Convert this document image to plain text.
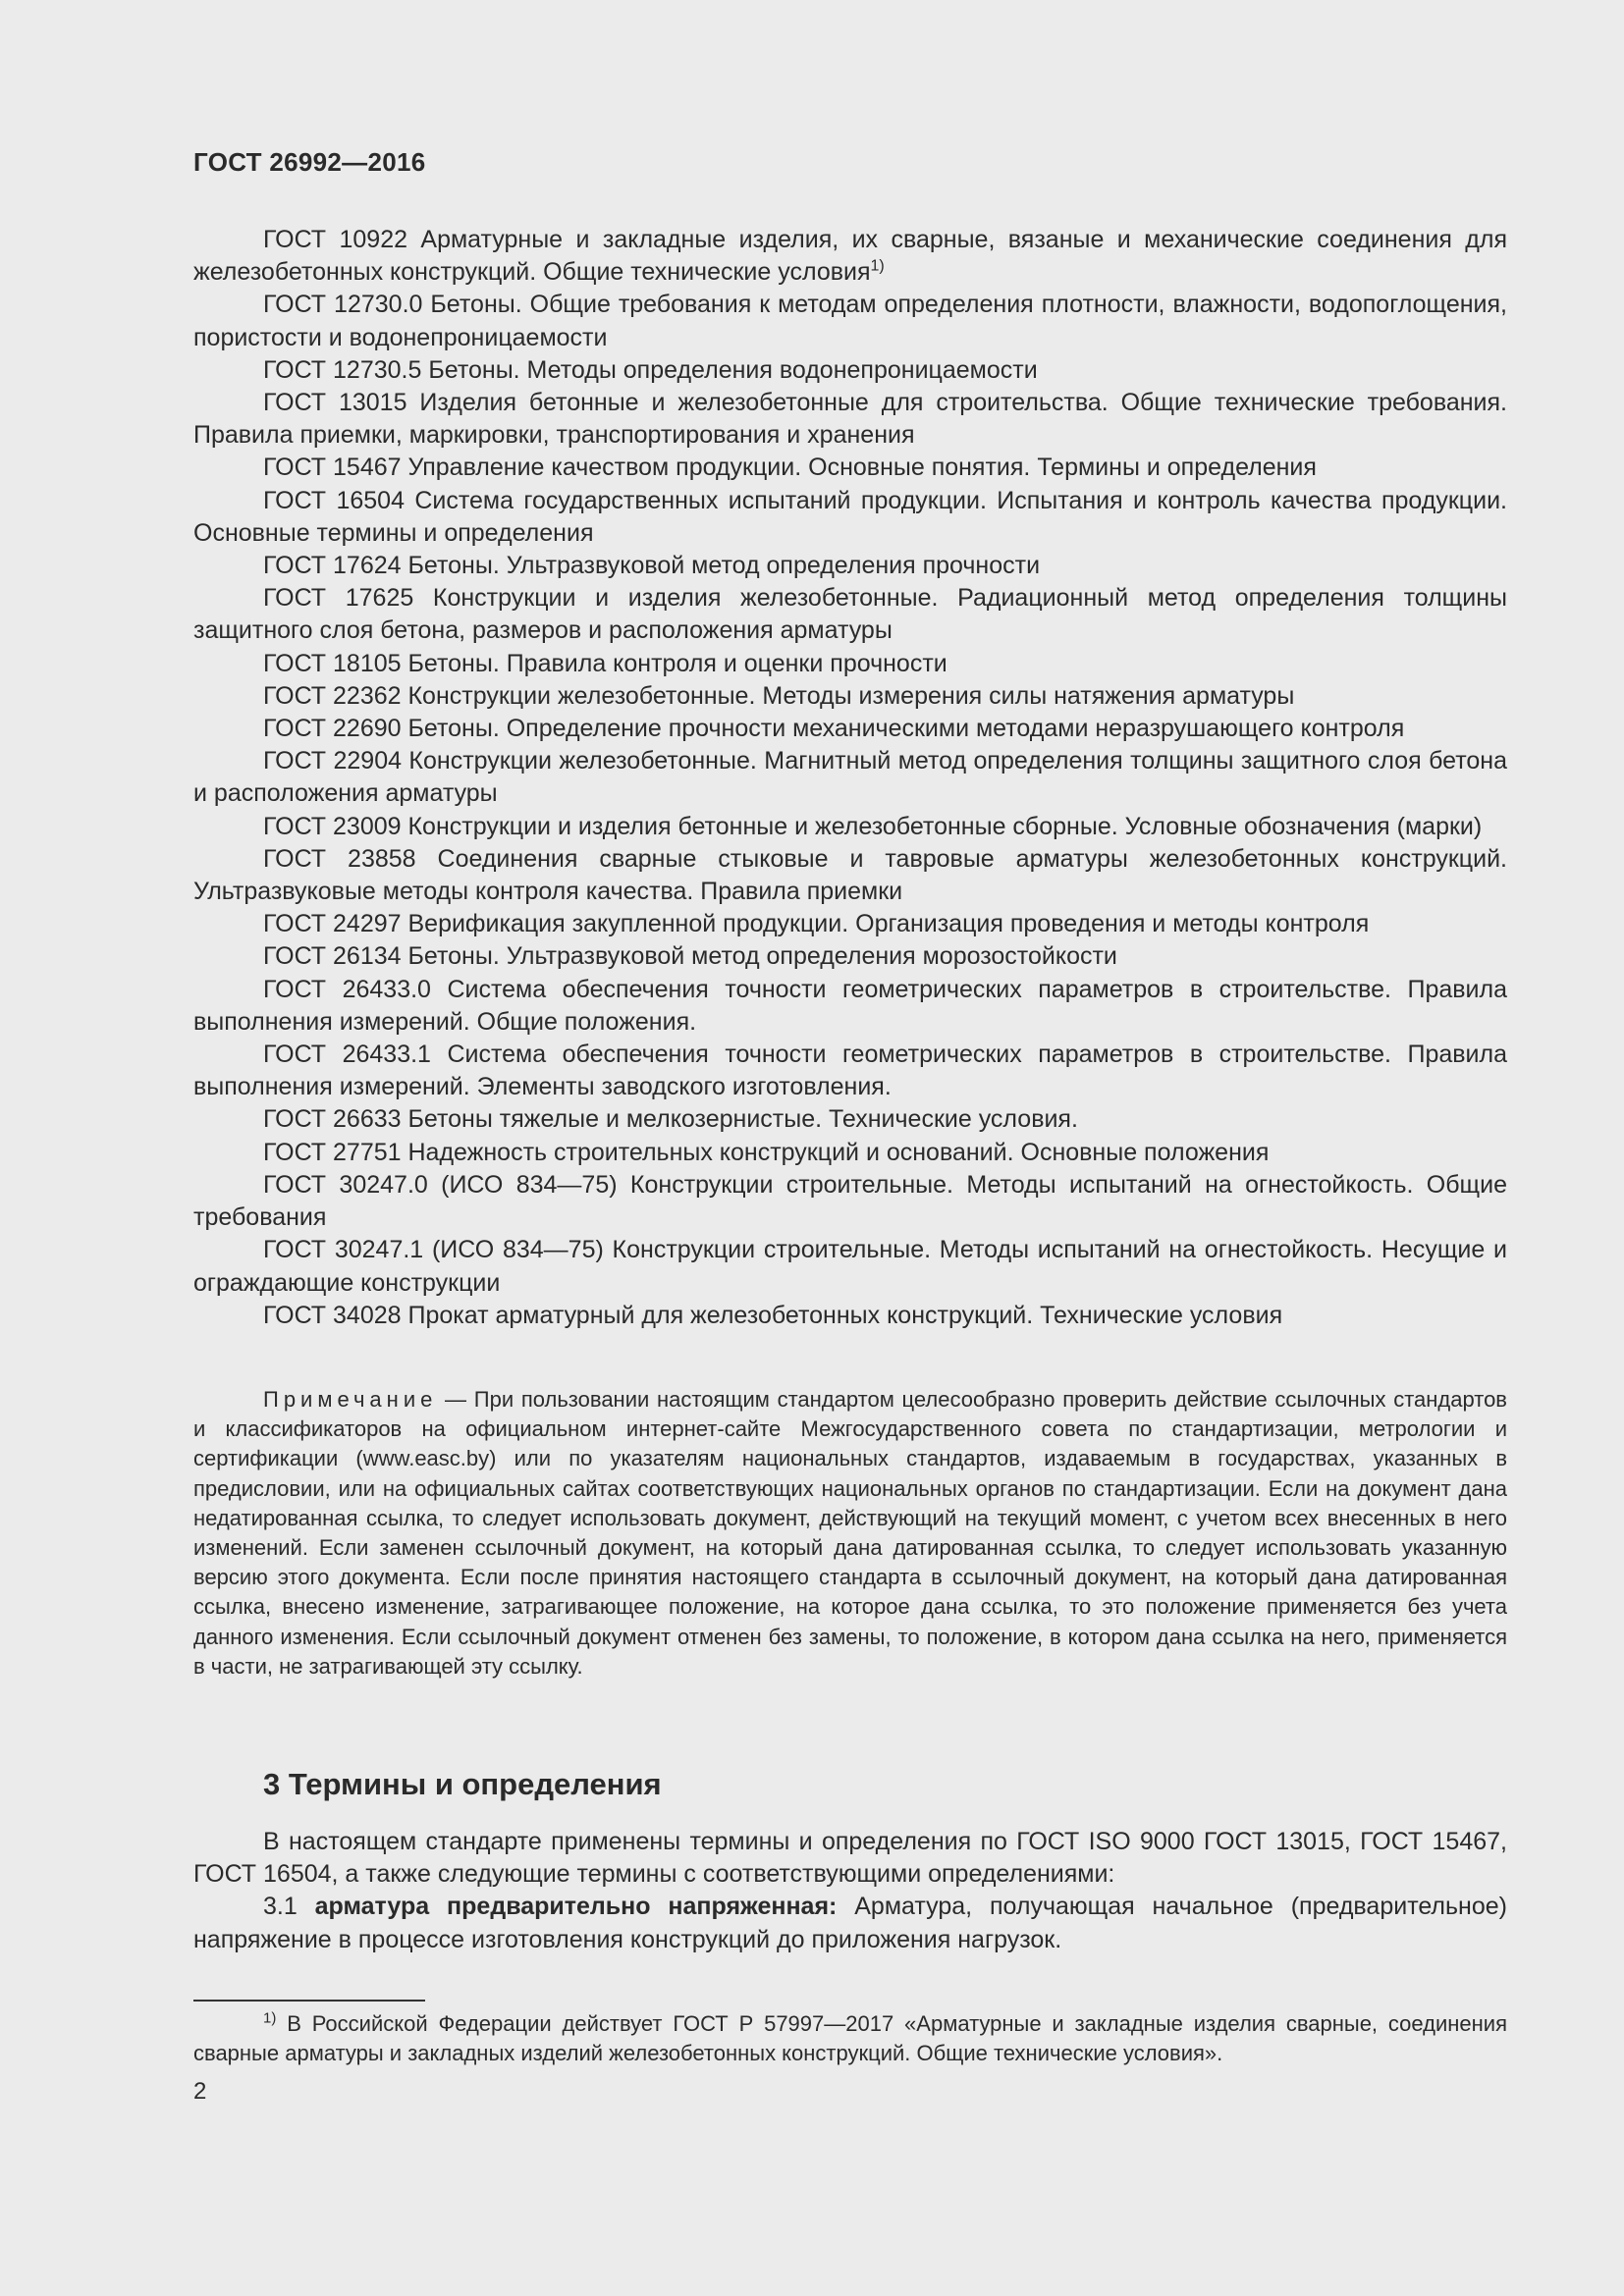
ГОСТ 26992—2016

ГОСТ 10922 Арматурные и закладные изделия, их сварные, вязаные и механические соединения для железобетонных конструкций. Общие технические условия$^{1)}$

ГОСТ 12730.0 Бетоны. Общие требования к методам определения плотности, влажности, водопоглощения, пористости и водонепроницаемости

ГОСТ 12730.5 Бетоны. Методы определения водонепроницаемости

ГОСТ 13015 Изделия бетонные и железобетонные для строительства. Общие технические требования. Правила приемки, маркировки, транспортирования и хранения

ГОСТ 15467 Управление качеством продукции. Основные понятия. Термины и определения

ГОСТ 16504 Система государственных испытаний продукции. Испытания и контроль качества продукции. Основные термины и определения

ГОСТ 17624 Бетоны. Ультразвуковой метод определения прочности

ГОСТ 17625 Конструкции и изделия железобетонные. Радиационный метод определения толщины защитного слоя бетона, размеров и расположения арматуры

ГОСТ 18105 Бетоны. Правила контроля и оценки прочности

ГОСТ 22362 Конструкции железобетонные. Методы измерения силы натяжения арматуры

ГОСТ 22690 Бетоны. Определение прочности механическими методами неразрушающего контроля

ГОСТ 22904 Конструкции железобетонные. Магнитный метод определения толщины защитного слоя бетона и расположения арматуры

ГОСТ 23009 Конструкции и изделия бетонные и железобетонные сборные. Условные обозначения (марки)

ГОСТ 23858 Соединения сварные стыковые и тавровые арматуры железобетонных конструкций. Ультразвуковые методы контроля качества. Правила приемки

ГОСТ 24297 Верификация закупленной продукции. Организация проведения и методы контроля

ГОСТ 26134 Бетоны. Ультразвуковой метод определения морозостойкости

ГОСТ 26433.0 Система обеспечения точности геометрических параметров в строительстве. Правила выполнения измерений. Общие положения.

ГОСТ 26433.1 Система обеспечения точности геометрических параметров в строительстве. Правила выполнения измерений. Элементы заводского изготовления.

ГОСТ 26633 Бетоны тяжелые и мелкозернистые. Технические условия.

ГОСТ 27751 Надежность строительных конструкций и оснований. Основные положения

ГОСТ 30247.0 (ИСО 834—75) Конструкции строительные. Методы испытаний на огнестойкость. Общие требования

ГОСТ 30247.1 (ИСО 834—75) Конструкции строительные. Методы испытаний на огнестойкость. Несущие и ограждающие конструкции

ГОСТ 34028 Прокат арматурный для железобетонных конструкций. Технические условия

Примечание — При пользовании настоящим стандартом целесообразно проверить действие ссылочных стандартов и классификаторов на официальном интернет-сайте Межгосударственного совета по стандартизации, метрологии и сертификации (www.easc.by) или по указателям национальных стандартов, издаваемым в государствах, указанных в предисловии, или на официальных сайтах соответствующих национальных органов по стандартизации. Если на документ дана недатированная ссылка, то следует использовать документ, действующий на текущий момент, с учетом всех внесенных в него изменений. Если заменен ссылочный документ, на который дана датированная ссылка, то следует использовать указанную версию этого документа. Если после принятия настоящего стандарта в ссылочный документ, на который дана датированная ссылка, внесено изменение, затрагивающее положение, на которое дана ссылка, то это положение применяется без учета данного изменения. Если ссылочный документ отменен без замены, то положение, в котором дана ссылка на него, применяется в части, не затрагивающей эту ссылку.

3 Термины и определения

В настоящем стандарте применены термины и определения по ГОСТ ISO 9000 ГОСТ 13015, ГОСТ 15467, ГОСТ 16504, а также следующие термины с соответствующими определениями:

3.1 арматура предварительно напряженная: Арматура, получающая начальное (предварительное) напряжение в процессе изготовления конструкций до приложения нагрузок.

$^{1)}$ В Российской Федерации действует ГОСТ Р 57997—2017 «Арматурные и закладные изделия сварные, соединения сварные арматуры и закладных изделий железобетонных конструкций. Общие технические условия».

2
